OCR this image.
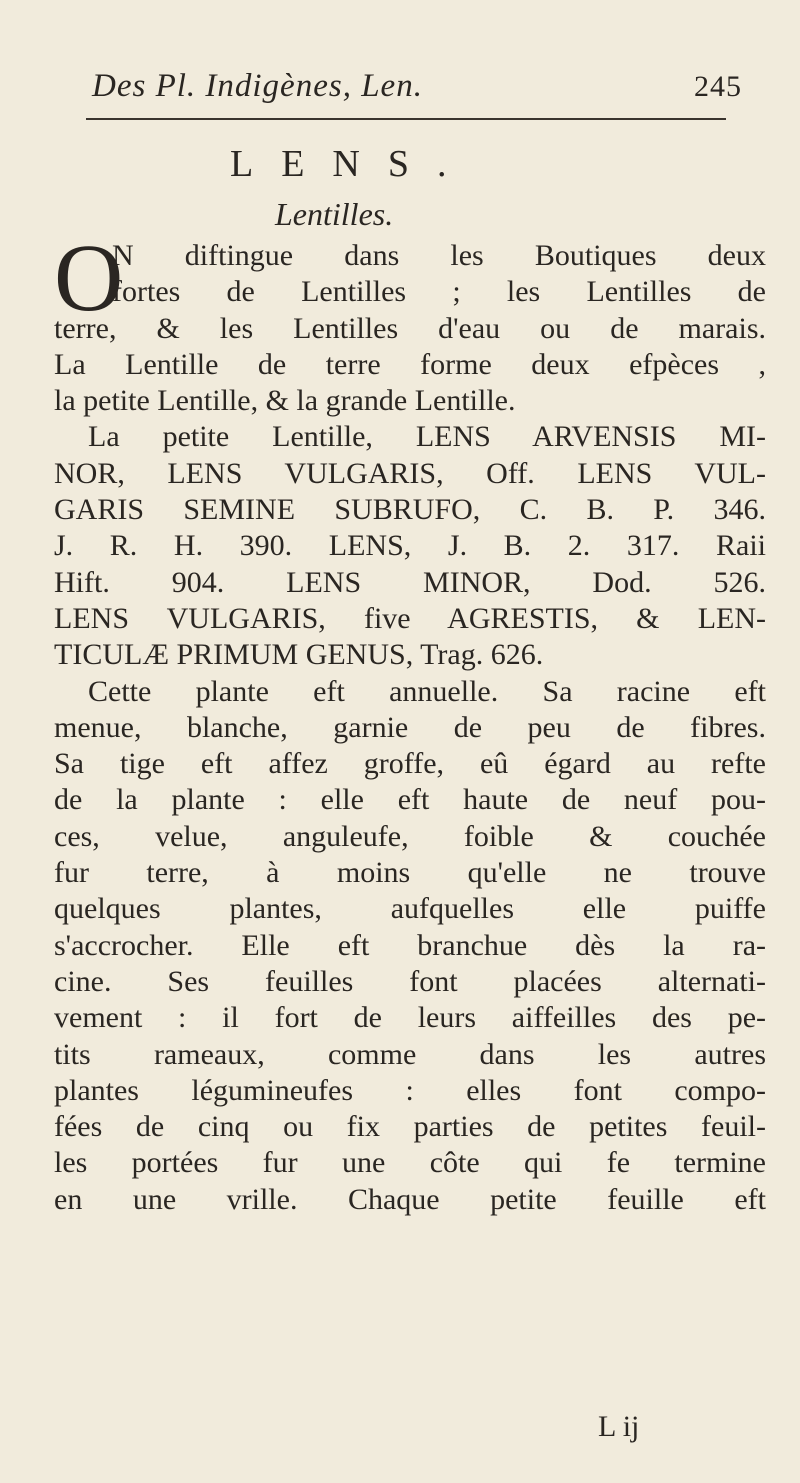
Des Pl. Indigènes, Len.	245
LENS.
Lentilles.
O
N diftingue dans les Boutiques deux
fortes de Lentilles ; les Lentilles de
terre, & les Lentilles d'eau ou de marais.
La Lentille de terre forme deux efpèces ,
la petite Lentille, & la grande Lentille.
La petite Lentille, LENS ARVENSIS MI-
NOR, LENS VULGARIS, Off. LENS VUL-
GARIS SEMINE SUBRUFO, C. B. P. 346.
J. R. H. 390. LENS, J. B. 2. 317. Raii
Hift. 904. LENS MINOR, Dod. 526.
LENS VULGARIS, five AGRESTIS, & LEN-
TICULÆ PRIMUM GENUS, Trag. 626.
Cette plante eft annuelle. Sa racine eft
menue, blanche, garnie de peu de fibres.
Sa tige eft affez groffe, eû égard au refte
de la plante : elle eft haute de neuf pou-
ces, velue, anguleufe, foible & couchée
fur terre, à moins qu'elle ne trouve
quelques plantes, aufquelles elle puiffe
s'accrocher. Elle eft branchue dès la ra-
cine. Ses feuilles font placées alternati-
vement : il fort de leurs aiffeilles des pe-
tits rameaux, comme dans les autres
plantes légumineufes : elles font compo-
fées de cinq ou fix parties de petites feuil-
les portées fur une côte qui fe termine
en une vrille. Chaque petite feuille eft
L ij
